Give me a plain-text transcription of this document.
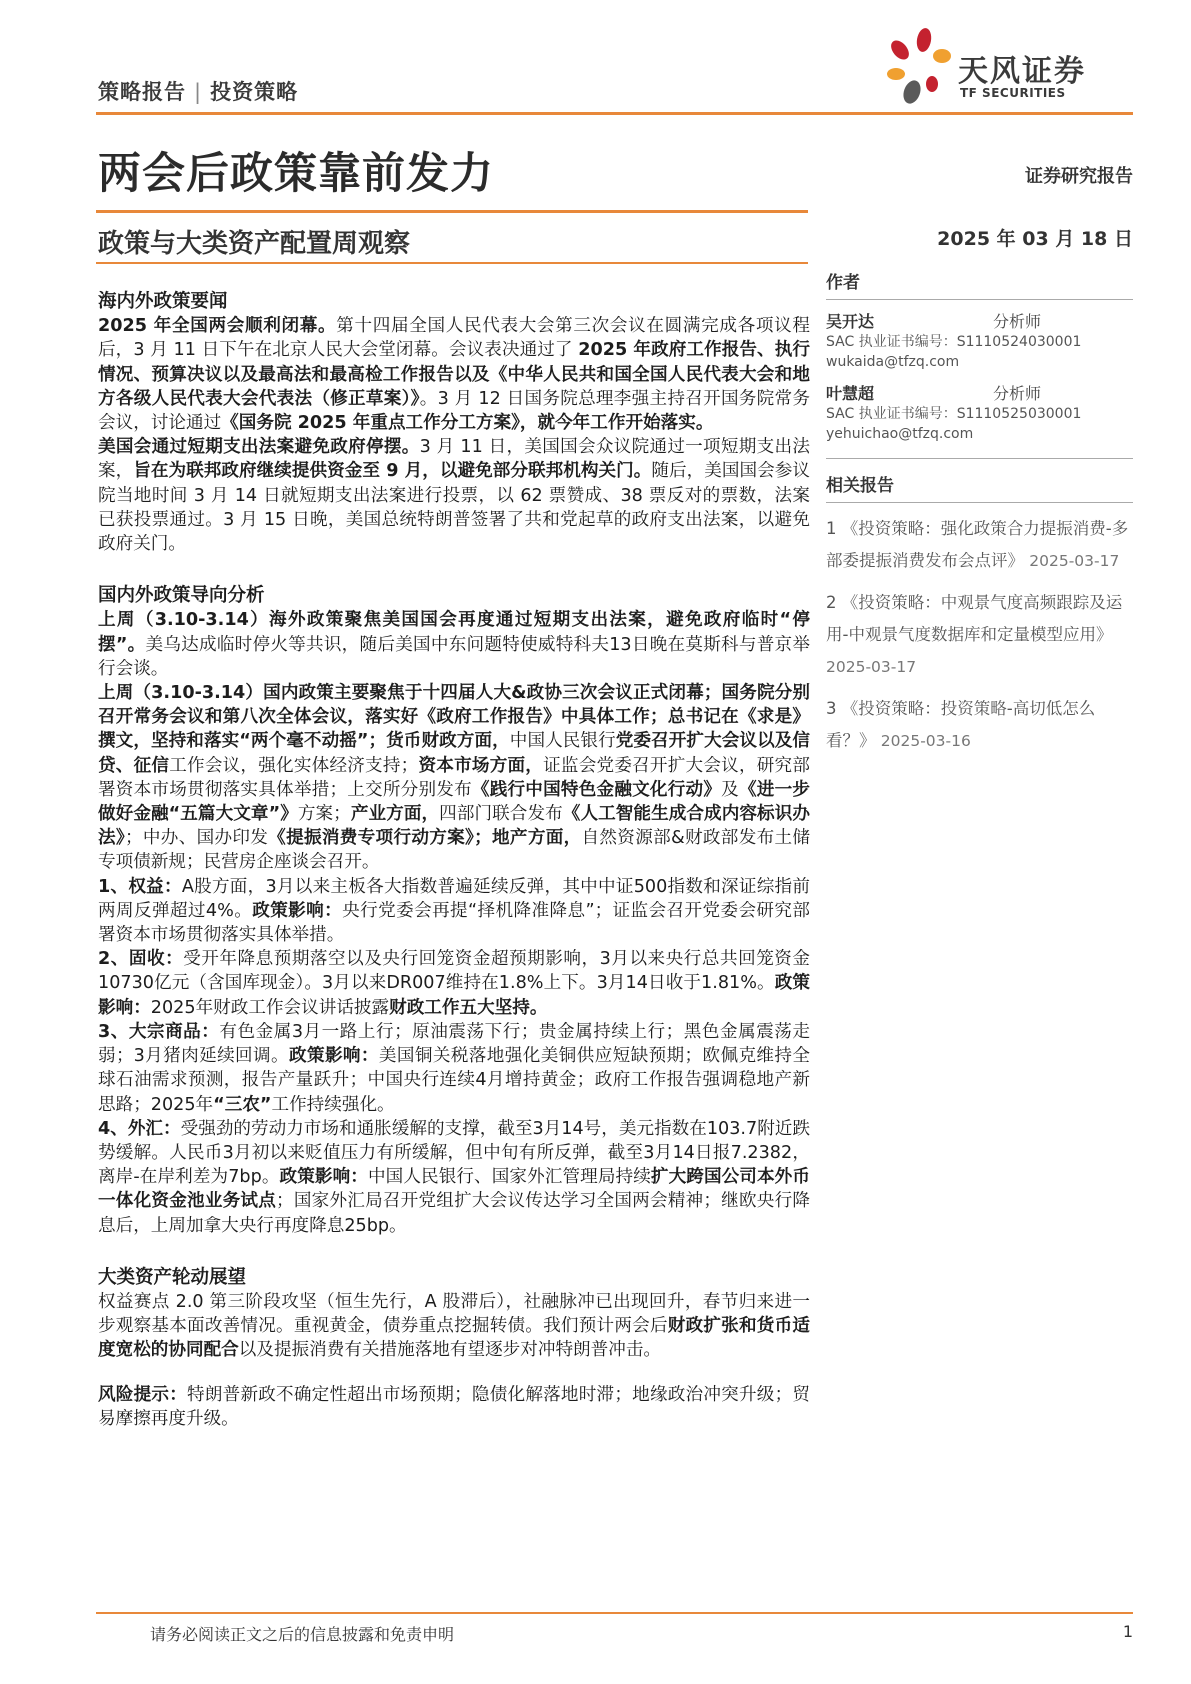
策略报告 | 投资策略
天风证券
TF SECURITIES
两会后政策靠前发力	证券研究报告
政策与大类资产配置周观察	2025 年 03 月 18 日

海内外政策要闻

2025 年全国两会顺利闭幕。第十四届全国人民代表大会第三次会议在圆满完成各项议程后，3 月 11 日下午在北京人民大会堂闭幕。会议表决通过了 2025 年政府工作报告、执行情况、预算决议以及最高法和最高检工作报告以及《中华人民共和国全国人民代表大会和地方各级人民代表大会代表法（修正草案）》。3 月 12 日国务院总理李强主持召开国务院常务会议，讨论通过《国务院 2025 年重点工作分工方案》，就今年工作开始落实。

美国会通过短期支出法案避免政府停摆。3 月 11 日，美国国会众议院通过一项短期支出法案，旨在为联邦政府继续提供资金至 9 月，以避免部分联邦机构关门。随后，美国国会参议院当地时间 3 月 14 日就短期支出法案进行投票，以 62 票赞成、38 票反对的票数，法案已获投票通过。3 月 15 日晚，美国总统特朗普签署了共和党起草的政府支出法案，以避免政府关门。

国内外政策导向分析

上周（3.10-3.14）海外政策聚焦美国国会再度通过短期支出法案，避免政府临时“停摆”。美乌达成临时停火等共识，随后美国中东问题特使威特科夫13日晚在莫斯科与普京举行会谈。

上周（3.10-3.14）国内政策主要聚焦于十四届人大&政协三次会议正式闭幕；国务院分别召开常务会议和第八次全体会议，落实好《政府工作报告》中具体工作；总书记在《求是》撰文，坚持和落实“两个毫不动摇”；货币财政方面，中国人民银行党委召开扩大会议以及信贷、征信工作会议，强化实体经济支持；资本市场方面，证监会党委召开扩大会议，研究部署资本市场贯彻落实具体举措；上交所分别发布《践行中国特色金融文化行动》及《进一步做好金融“五篇大文章”》方案；产业方面，四部门联合发布《人工智能生成合成内容标识办法》；中办、国办印发《提振消费专项行动方案》；地产方面，自然资源部&财政部发布土储专项债新规；民营房企座谈会召开。

1、权益：A股方面，3月以来主板各大指数普遍延续反弹，其中中证500指数和深证综指前两周反弹超过4%。政策影响：央行党委会再提“择机降准降息”；证监会召开党委会研究部署资本市场贯彻落实具体举措。

2、固收：受开年降息预期落空以及央行回笼资金超预期影响，3月以来央行总共回笼资金10730亿元（含国库现金）。3月以来DR007维持在1.8%上下。3月14日收于1.81%。政策影响：2025年财政工作会议讲话披露财政工作五大坚持。

3、大宗商品：有色金属3月一路上行；原油震荡下行；贵金属持续上行；黑色金属震荡走弱；3月猪肉延续回调。政策影响：美国铜关税落地强化美铜供应短缺预期；欧佩克维持全球石油需求预测，报告产量跃升；中国央行连续4月增持黄金；政府工作报告强调稳地产新思路；2025年“三农”工作持续强化。

4、外汇：受强劲的劳动力市场和通胀缓解的支撑，截至3月14号，美元指数在103.7附近跌势缓解。人民币3月初以来贬值压力有所缓解，但中旬有所反弹，截至3月14日报7.2382，离岸-在岸利差为7bp。政策影响：中国人民银行、国家外汇管理局持续扩大跨国公司本外币一体化资金池业务试点；国家外汇局召开党组扩大会议传达学习全国两会精神；继欧央行降息后，上周加拿大央行再度降息25bp。

大类资产轮动展望

权益赛点 2.0 第三阶段攻坚（恒生先行，A 股滞后），社融脉冲已出现回升，春节归来进一步观察基本面改善情况。重视黄金，债券重点挖掘转债。我们预计两会后财政扩张和货币适度宽松的协同配合以及提振消费有关措施落地有望逐步对冲特朗普冲击。

风险提示：特朗普新政不确定性超出市场预期；隐债化解落地时滞；地缘政治冲突升级；贸易摩擦再度升级。

作者
吴开达	分析师
SAC 执业证书编号：S1110524030001
wukaida@tfzq.com
叶慧超	分析师
SAC 执业证书编号：S1110525030001
yehuichao@tfzq.com
相关报告
1 《投资策略：强化政策合力提振消费-多部委提振消费发布会点评》 2025-03-17
2 《投资策略：中观景气度高频跟踪及运用-中观景气度数据库和定量模型应用》 2025-03-17
3 《投资策略：投资策略-高切低怎么看？》 2025-03-16
请务必阅读正文之后的信息披露和免责申明	1
